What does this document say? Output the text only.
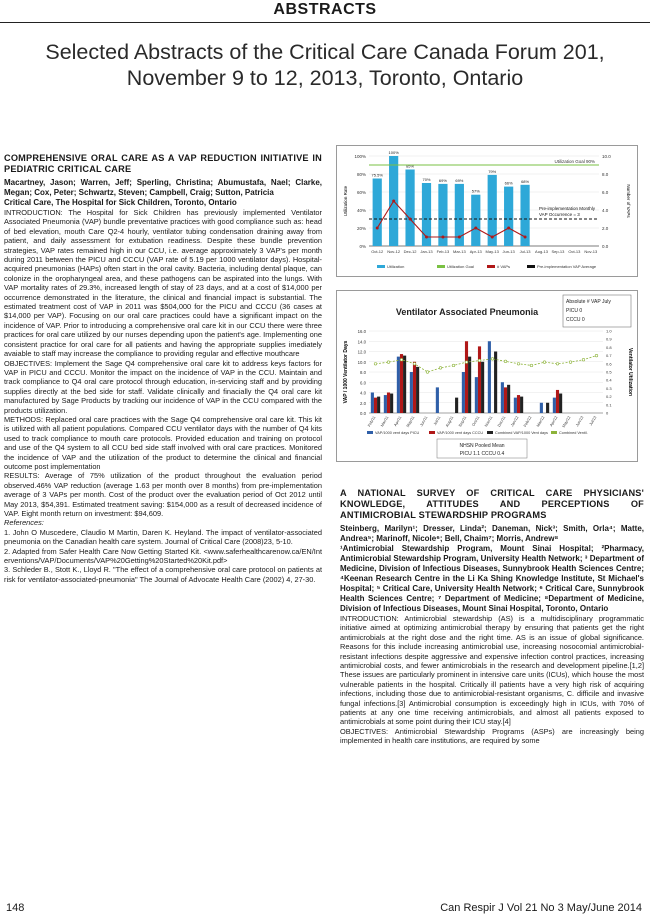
ABSTRACTS
Selected Abstracts of the Critical Care Canada Forum 201,
November 9 to 12, 2013, Toronto, Ontario

COMPREHENSIVE ORAL CARE AS A VAP REDUCTION INITIATIVE IN PEDIATRIC CRITICAL CARE

Macartney, Jason; Warren, Jeff; Sperling, Christina; Abumustafa, Nael; Clarke, Megan; Cox, Peter; Schwartz, Steven; Campbell, Craig; Sutton, Patricia

Critical Care, The Hospital for Sick Children, Toronto, Ontario

INTRODUCTION: The Hospital for Sick Children has previously implemented Ventilator Associated Pneumonia (VAP) bundle preventative practices with good compliance such as: head of bed elevation, mouth Care Q2-4 hourly, ventilator tubing condensation draining away from patient, and daily assessment for extubation readiness. Despite these bundle prevention strategies, VAP rates remained high in our CCU, i.e. average approximately 3 VAP's per month during 2011 between the PICU and CCCU (VAP rate of 5.19 per 1000 ventilator days). Hospital-acquired pneumonias (HAPs) often start in the oral cavity. Bacteria, including dental plaque, can colonize in the oropharyngeal area, and these pathogens can be aspirated into the lungs. With VAP mortality rates of 29.3%, increased length of stay of 23 days, and at a cost of $14,000 per occurrence demonstrated in the literature, the clinical and financial impact is substantial. The estimated treatment cost of VAP in 2011 was $504,000 for the PICU and CCCU (36 cases at $14,000 per VAP). Focusing on our oral care practices could have a significant impact on the incidence of VAP. Prior to introducing a comprehensive oral care kit in our CCU there were three practices for oral care utilized by our nurses depending upon the patient's age. Implementing one consistent practice for oral care for all patients and having the appropriate supplies imediately avaiable to staff may increase the compliance to providing regular and effective mouthcare

OBJECTIVES: Implement the Sage Q4 comprehensive oral care kit to address keys factors for VAP in PICU and CCCU. Monitor the impact on the incidence of VAP in the CCU. Maintain and track compliance to Q4 oral care protocol through education, in-servicing staff and by providing supplies directly at the bed side for staff. Validate clinically and finacially the Q4 oral care kit manufactured by Sage Products by tracking our incidence of VAP in the CCU compared with the products utilization.

METHODS: Replaced oral care practices with the Sage Q4 comprehensive oral care kit. This kit is utilized with all patient populations. Compared CCU ventilator days with the number of Q4 kits used to track compliance to mouth care protocols. Provided education and training on protocol and use of the Q4 system to all CCU bed side staff involved with oral care practices. Monitored the incidence of VAP and the utilization of the product to determine the clinical and financial outcome post implementation

RESULTS: Average of 75% utilization of the product throughout the evaluation period observed.46% VAP reduction (average 1.63 per month over 8 months) from pre-implementation average of 3 VAPs per month. Cost of the product over the evaluation period of Oct 2012 until May 2013, $54,391. Estimated treatment saving: $154,000 as a result of decreased incidence of VAP. Eight month return on investment: $94,609.

References:

1. John O Muscedere, Claudio M Martin, Daren K. Heyland. The impact of ventilator-associated pneumonia on the Canadian health care system. Journal of Critical Care (2008)23, 5-10.

2. Adapted from Safer Health Care Now Getting Started Kit. <www.saferhealthcarenow.ca/EN/Interventions/VAP/Documents/VAP%20Getting%20Started%20Kit.pdf>

3. Schleder B., Stott K., Lloyd R. "The effect of a comprehensive oral care protocol on patients at risk for ventilator-associated-pneumonia" The Journal of Advocate Health Care (2002) 4, 27-30.

0%
20%
40%
60%
80%
100%
0.0
2.0
4.0
6.0
8.0
10.0
Utilization Rate	Number of VAPs
75.5%
100%
85%
70% 69% 69%
57%
79%
66% 68%
Oct-12 Nov-12 Dec-12 Jan-13 Feb-13 Mar-13 Apr-13 May-13 Jun-13 Jul-13 Aug-13 Sep-13 Oct-13 Nov-13
Utilization Goal 90%
Pre-implementation Monthly
VAP Occurrence = 3
Utilization	Utilization Goal	# VAPs	Pre-implementation VAP Average
Ventilator Associated Pneumonia
Absolute # VAP July
PICU 0
CCCU 0
0.0
2.0
4.0
6.0
8.0
10.0
12.0
14.0
16.0
0
0.1
0.2
0.3
0.4
0.5
0.6
0.7
0.8
0.9
1.0
VAP / 1000 Ventilator Days	Ventilator Utilization
Feb/11 Mar/11 Apr/11 May/11 Jun/11 Jul/11 Aug/11 Sep/11 Oct/11 Nov/11 Dec/11 Jan/12 Feb/12 Mar/12 Apr/12 May/12 Jun/13 Jul/13
VAP/1000 vent days PICU	VAP/1000 vent days CCCU	Combined VAP/1000 Vent days	Combined Ventil.
NHSN Pooled Mean
PICU 1.1 CCCU 0.4

A NATIONAL SURVEY OF CRITICAL CARE PHYSICIANS' KNOWLEDGE, ATTITUDES AND PERCEPTIONS OF ANTIMICROBIAL STEWARDSHIP PROGRAMS

Steinberg, Marilyn¹; Dresser, Linda²; Daneman, Nick³; Smith, Orla⁴; Matte, Andrea⁵; Marinoff, Nicole⁶; Bell, Chaim⁷; Morris, Andrew⁸

¹Antimicrobial Stewardship Program, Mount Sinai Hospital; ²Pharmacy, Antimicrobial Stewardship Program, University Health Network; ³ Department of Medicine, Division of Infectious Diseases, Sunnybrook Health Sciences Centre; ⁴Keenan Research Centre in the Li Ka Shing Knowledge Institute, St Michael's Hospital; ⁵ Critical Care, University Health Network; ⁶ Critical Care, Sunnybrook Health Sciences Centre; ⁷ Department of Medicine; ⁸Department of Medicine, Division of Infectious Diseases, Mount Sinai Hospital, Toronto, Ontario

INTRODUCTION: Antimicrobial stewardship (AS) is a multidisciplinary programmatic initiative aimed at optimizing antimicrobial therapy by ensuring that patients get the right antimicrobials at the right dose and the right time. AS is an issue of global significance. Reasons for this include increasing antimicrobial use, increasing nosocomial antimicrobial-resistant infections despite aggressive and expensive infection control practices, increasing antimicrobial costs, and fewer antimicrobials in the research and development pipeline.[1,2] These issues are particularly prominent in intensive care units (ICUs), which house the most vulnerable patients in the hospital. Critically ill patients have a very high risk of acquiring infections, including those due to antimicrobial-resistant organisms, C. difficile and invasive fungal infections.[3] Antimicrobial consumption is exceedingly high in ICUs, with 70% of patients at any one time receiving antimicrobials, and almost all patients exposed to antimicrobials at some point during their ICU stay.[4]

OBJECTIVES: Antimicrobial Stewardship Programs (ASPs) are increasingly being implemented in health care institutions, are required by some

148	Can Respir J Vol 21 No 3 May/June 2014
